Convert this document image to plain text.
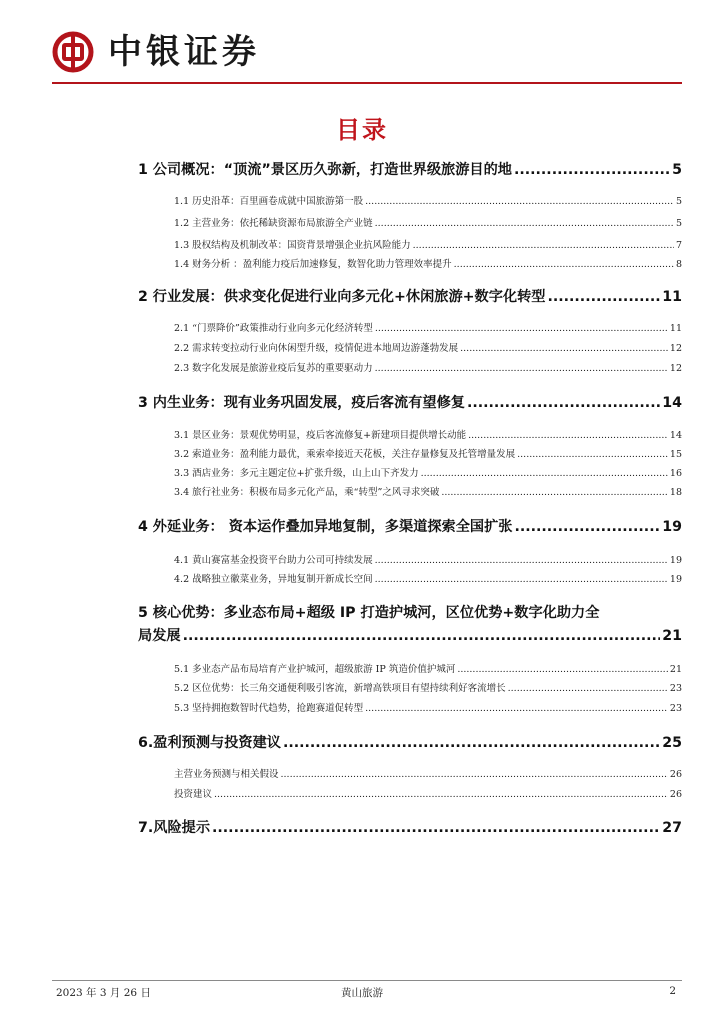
中银证券
目录
1 公司概况：“顶流”景区历久弥新，打造世界级旅游目的地 .....	5
1.1 历史沿革：百里画卷成就中国旅游第一股 .....	5
1.2 主营业务：依托稀缺资源布局旅游全产业链 .....	5
1.3 股权结构及机制改革：国资背景增强企业抗风险能力 .....	7
1.4 财务分析 ：盈利能力疫后加速修复，数智化助力管理效率提升 .....	8
2 行业发展：供求变化促进行业向多元化+休闲旅游+数字化转型 .....	11
2.1 “门票降价”政策推动行业向多元化经济转型 .....	11
2.2 需求转变拉动行业向休闲型升级，疫情促进本地周边游蓬勃发展 .....	12
2.3 数字化发展是旅游业疫后复苏的重要驱动力 .....	12
3 内生业务：现有业务巩固发展，疫后客流有望修复 .....	14
3.1 景区业务：景观优势明显，疫后客流修复+新建项目提供增长动能 .....	14
3.2 索道业务：盈利能力最优，乘索牵接近天花板，关注存量修复及托管增量发展 .....	15
3.3 酒店业务：多元主题定位+扩张升级，山上山下齐发力 .....	16
3.4 旅行社业务：积极布局多元化产品，乘“转型”之风寻求突破 .....	18
4 外延业务： 资本运作叠加异地复制，多渠道探索全国扩张 .....	19
4.1 黄山赛富基金投资平台助力公司可持续发展 .....	19
4.2 战略独立徽菜业务，异地复制开新成长空间 .....	19
5 核心优势：多业态布局+超级 IP 打造护城河，区位优势+数字化助力全
局发展 .....	21
5.1 多业态产品布局培育产业护城河，超级旅游 IP 筑造价值护城河 .....	21
5.2 区位优势：长三角交通便利吸引客流，新增高铁项目有望持续利好客流增长 .....	23
5.3 坚持拥抱数智时代趋势，抢跑赛道促转型 .....	23
6.盈利预测与投资建议 .....	25
主营业务预测与相关假设 .....	26
投资建议 .....	26
7.风险提示 .....	27
2023 年 3 月 26 日	黄山旅游	2
